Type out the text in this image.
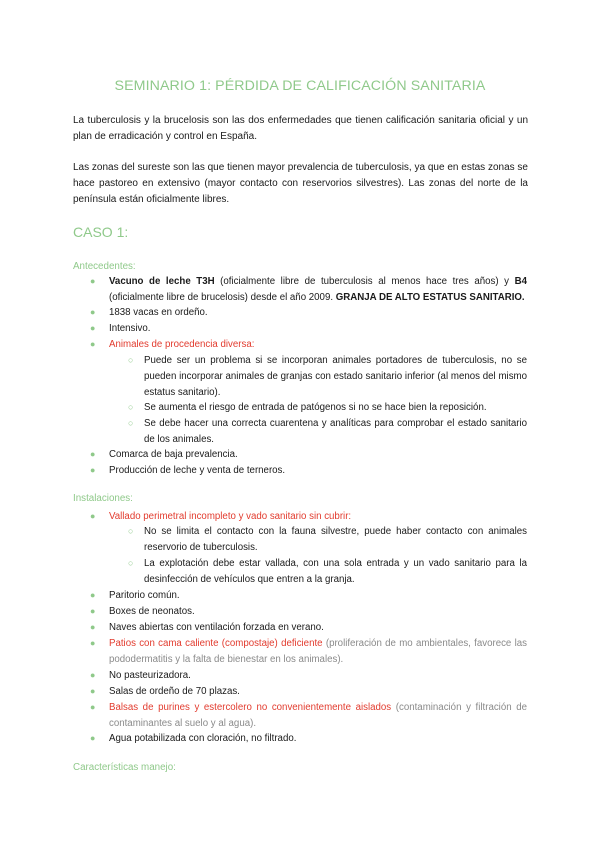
SEMINARIO 1: PÉRDIDA DE CALIFICACIÓN SANITARIA
La tuberculosis y la brucelosis son las dos enfermedades que tienen calificación sanitaria oficial y un plan de erradicación y control en España.
Las zonas del sureste son las que tienen mayor prevalencia de tuberculosis, ya que en estas zonas se hace pastoreo en extensivo (mayor contacto con reservorios silvestres). Las zonas del norte de la península están oficialmente libres.
CASO 1:
Antecedentes:
● Vacuno de leche T3H (oficialmente libre de tuberculosis al menos hace tres años) y B4 (oficialmente libre de brucelosis) desde el año 2009. GRANJA DE ALTO ESTATUS SANITARIO.
● 1838 vacas en ordeño.
● Intensivo.
● Animales de procedencia diversa:
○ Puede ser un problema si se incorporan animales portadores de tuberculosis, no se pueden incorporar animales de granjas con estado sanitario inferior (al menos del mismo estatus sanitario).
○ Se aumenta el riesgo de entrada de patógenos si no se hace bien la reposición.
○ Se debe hacer una correcta cuarentena y analíticas para comprobar el estado sanitario de los animales.
● Comarca de baja prevalencia.
● Producción de leche y venta de terneros.
Instalaciones:
● Vallado perimetral incompleto y vado sanitario sin cubrir:
○ No se limita el contacto con la fauna silvestre, puede haber contacto con animales reservorio de tuberculosis.
○ La explotación debe estar vallada, con una sola entrada y un vado sanitario para la desinfección de vehículos que entren a la granja.
● Paritorio común.
● Boxes de neonatos.
● Naves abiertas con ventilación forzada en verano.
● Patios con cama caliente (compostaje) deficiente (proliferación de mo ambientales, favorece las pododermatitis y la falta de bienestar en los animales).
● No pasteurizadora.
● Salas de ordeño de 70 plazas.
● Balsas de purines y estercolero no convenientemente aislados (contaminación y filtración de contaminantes al suelo y al agua).
● Agua potabilizada con cloración, no filtrado.
Características manejo:
